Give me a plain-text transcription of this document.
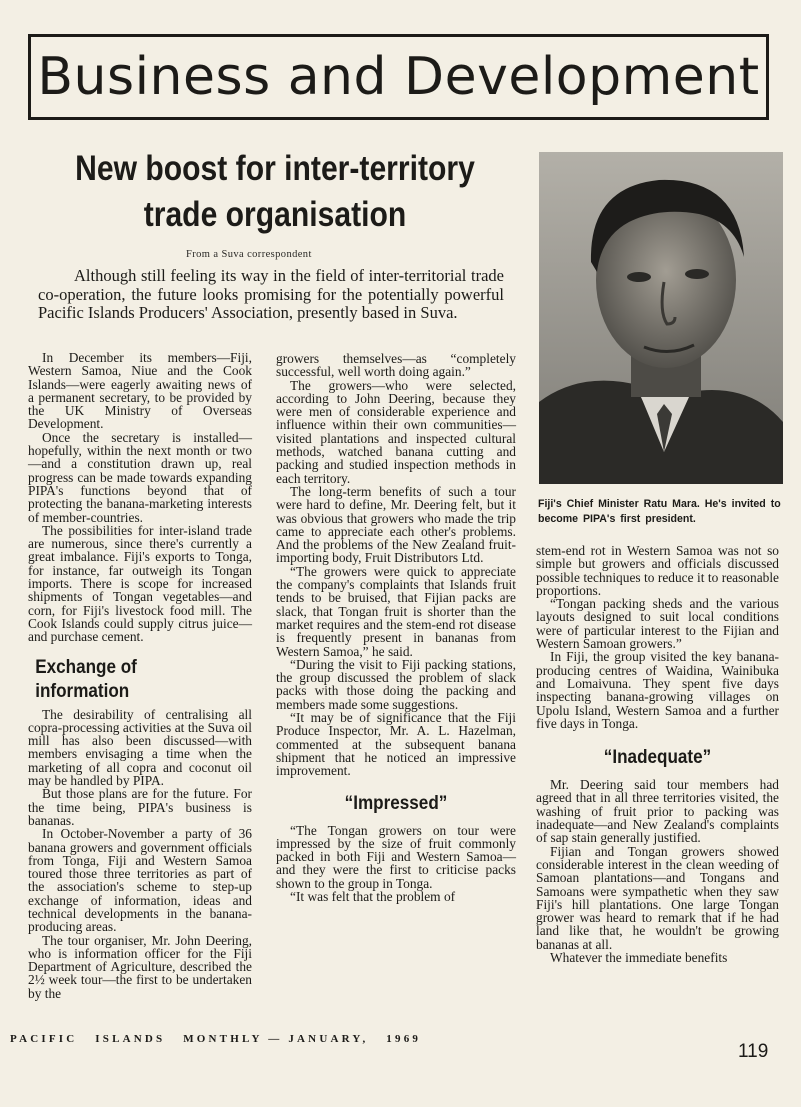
Business and Development
New boost for inter-territory
trade organisation
From a Suva correspondent
Although still feeling its way in the field of inter-territorial trade co-operation, the future looks promising for the potentially powerful Pacific Islands Producers' Association, presently based in Suva.

In December its members—Fiji, Western Samoa, Niue and the Cook Islands—were eagerly awaiting news of a permanent secretary, to be provided by the UK Ministry of Overseas Development.

Once the secretary is installed—hopefully, within the next month or two—and a constitution drawn up, real progress can be made towards expanding PIPA's functions beyond that of protecting the banana-marketing interests of member-countries.

The possibilities for inter-island trade are numerous, since there's currently a great imbalance. Fiji's exports to Tonga, for instance, far outweigh its Tongan imports. There is scope for increased shipments of Tongan vegetables—and corn, for Fiji's livestock food mill. The Cook Islands could supply citrus juice—and purchase cement.

Exchange of information

The desirability of centralising all copra-processing activities at the Suva oil mill has also been discussed—with members envisaging a time when the marketing of all copra and coconut oil may be handled by PIPA.

But those plans are for the future. For the time being, PIPA's business is bananas.

In October-November a party of 36 banana growers and government officials from Tonga, Fiji and Western Samoa toured those three territories as part of the association's scheme to step-up exchange of information, ideas and technical developments in the banana-producing areas.

The tour organiser, Mr. John Deering, who is information officer for the Fiji Department of Agriculture, described the 2½ week tour—the first to be undertaken by the

growers themselves—as “completely successful, well worth doing again.”

The growers—who were selected, according to John Deering, because they were men of considerable experience and influence within their own communities—visited plantations and inspected cultural methods, watched banana cutting and packing and studied inspection methods in each territory.

The long-term benefits of such a tour were hard to define, Mr. Deering felt, but it was obvious that growers who made the trip came to appreciate each other's problems. And the problems of the New Zealand fruit-importing body, Fruit Distributors Ltd.

“The growers were quick to appreciate the company's complaints that Islands fruit tends to be bruised, that Fijian packs are slack, that Tongan fruit is shorter than the market requires and the stem-end rot disease is frequently present in bananas from Western Samoa,” he said.

“During the visit to Fiji packing stations, the group discussed the problem of slack packs with those doing the packing and members made some suggestions.

“It may be of significance that the Fiji Produce Inspector, Mr. A. L. Hazelman, commented at the subsequent banana shipment that he noticed an impressive improvement.

“Impressed”

“The Tongan growers on tour were impressed by the size of fruit commonly packed in both Fiji and Western Samoa—and they were the first to criticise packs shown to the group in Tonga.

“It was felt that the problem of

Fiji's Chief Minister Ratu Mara. He's invited to become PIPA's first president.

stem-end rot in Western Samoa was not so simple but growers and officials discussed possible techniques to reduce it to reasonable proportions.

“Tongan packing sheds and the various layouts designed to suit local conditions were of particular interest to the Fijian and Western Samoan growers.”

In Fiji, the group visited the key banana-producing centres of Waidina, Wainibuka and Lomaivuna. They spent five days inspecting banana-growing villages on Upolu Island, Western Samoa and a further five days in Tonga.

“Inadequate”

Mr. Deering said tour members had agreed that in all three territories visited, the washing of fruit prior to packing was inadequate—and New Zealand's complaints of sap stain generally justified.

Fijian and Tongan growers showed considerable interest in the clean weeding of Samoan plantations—and Tongans and Samoans were sympathetic when they saw Fiji's hill plantations. One large Tongan grower was heard to remark that if he had land like that, he wouldn't be growing bananas at all.

Whatever the immediate benefits

PACIFIC   ISLANDS   MONTHLY — JANUARY,   1969
119
